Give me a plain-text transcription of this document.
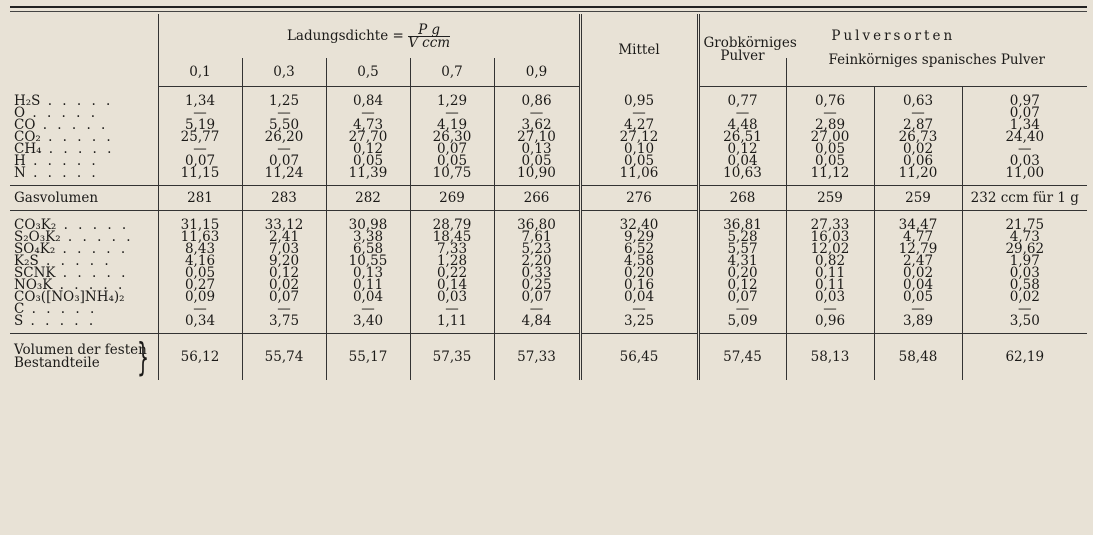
	Ladungsdichte = $\frac{\text{P g}}{\text{V ccm}}$					Mittel	Pulversorten			
	0,1	0,3	0,5	0,7	0,9		Grobkörniges Pulver	Feinkörniges spanisches Pulver		
H₂S . . . . .	1,34	1,25	0,84	1,29	0,86	0,95	0,77	0,76	0,63	0,97
O . . . . .	—	—	—	—	—	—	—	—	—	0,07
CO . . . . .	5,19	5,50	4,73	4,19	3,62	4,27	4,48	2,89	2,87	1,34
CO₂ . . . . .	25,77	26,20	27,70	26,30	27,10	27,12	26,51	27,00	26,73	24,40
CH₄ . . . . .	—	—	0,12	0,07	0,13	0,10	0,12	0,05	0,02	—
H . . . . .	0,07	0,07	0,05	0,05	0,05	0,05	0,04	0,05	0,06	0,03
N . . . . .	11,15	11,24	11,39	10,75	10,90	11,06	10,63	11,12	11,20	11,00
Gasvolumen	281	283	282	269	266	276	268	259	259	232 ccm für 1 g
CO₃K₂ . . . . .	31,15	33,12	30,98	28,79	36,80	32,40	36,81	27,33	34,47	21,75
S₂O₃K₂ . . . . .	11,63	2,41	3,38	18,45	7,61	9,29	5,28	16,03	4,77	4,73
SO₄K₂ . . . . .	8,43	7,03	6,58	7,33	5,23	6,52	5,57	12,02	12,79	29,62
K₂S . . . . .	4,16	9,20	10,55	1,28	2,20	4,58	4,31	0,82	2,47	1,97
SCNK . . . . .	0,05	0,12	0,13	0,22	0,33	0,20	0,20	0,11	0,02	0,03
NO₃K . . . . .	0,27	0,02	0,11	0,14	0,25	0,16	0,12	0,11	0,04	0,58
CO₃([NO₃]NH₄)₂	0,09	0,07	0,04	0,03	0,07	0,04	0,07	0,03	0,05	0,02
C . . . . .	—	—	—	—	—	—	—	—	—	—
S . . . . .	0,34	3,75	3,40	1,11	4,84	3,25	5,09	0,96	3,89	3,50
Volumen der festen Bestandteile }	56,12	55,74	55,17	57,35	57,33	56,45	57,45	58,13	58,48	62,19
